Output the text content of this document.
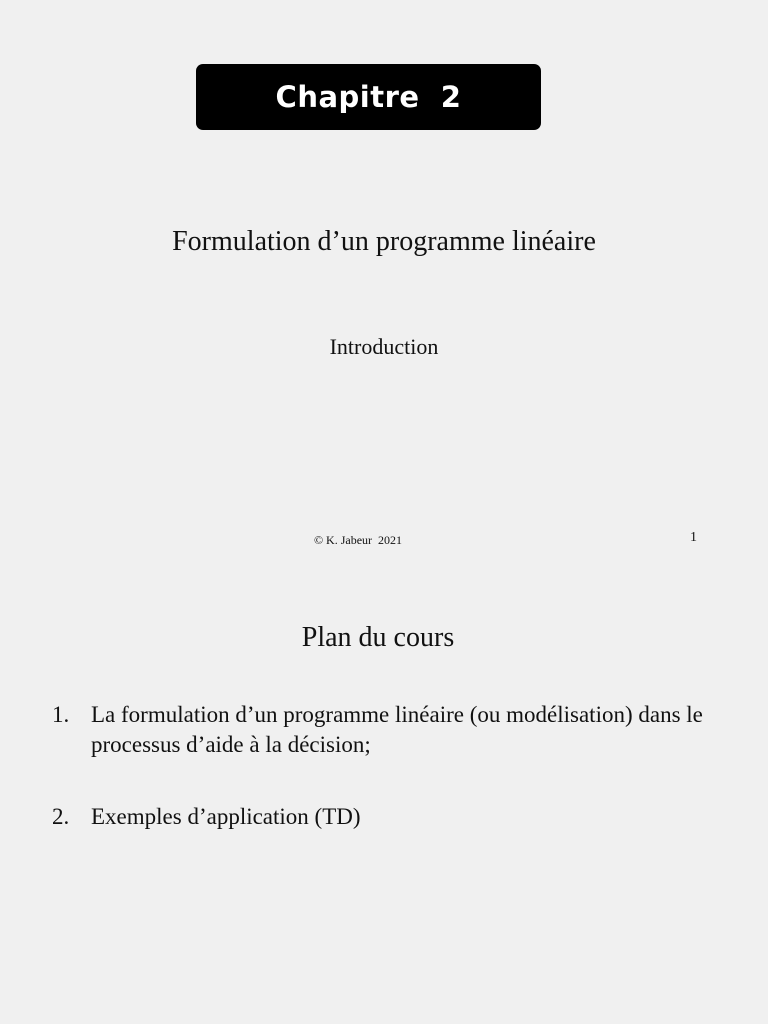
Chapitre  2
Formulation d’un programme linéaire
Introduction
© K. Jabeur  2021	1
Plan du cours
1. La formulation d’un programme linéaire (ou modélisation) dans le processus d’aide à la décision;
2. Exemples d’application (TD)
